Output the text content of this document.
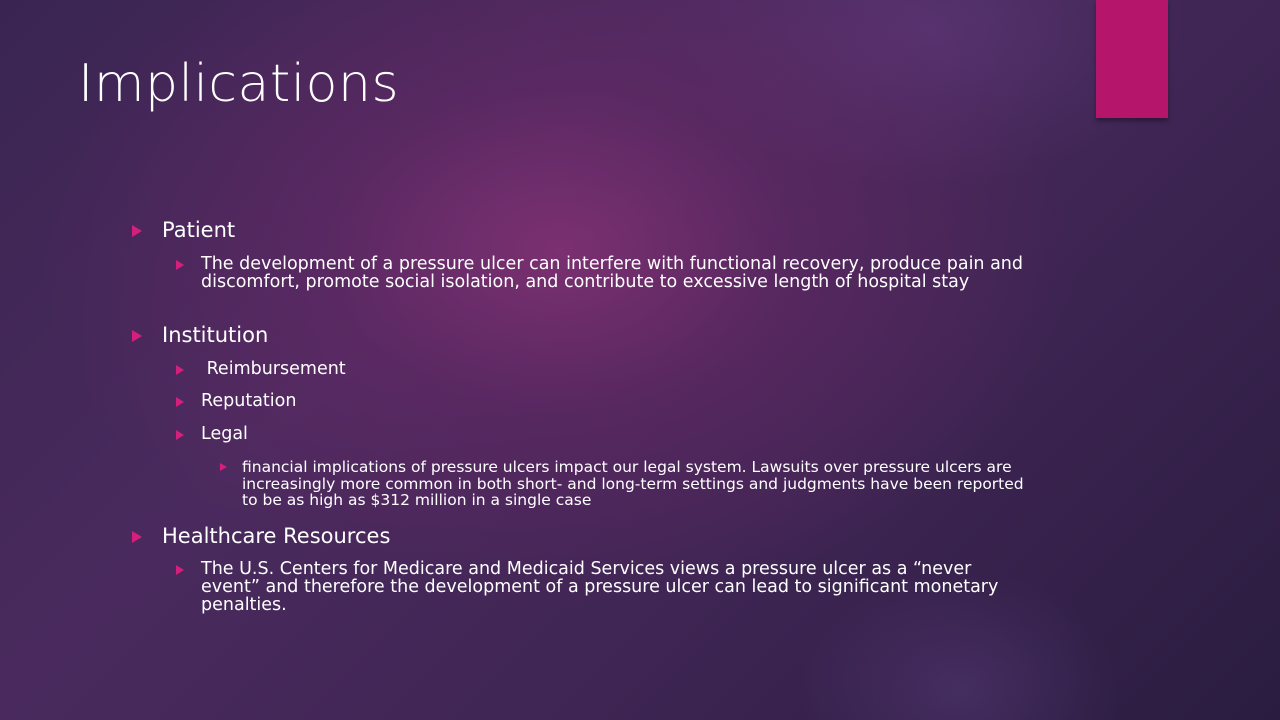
Implications
Patient
The development of a pressure ulcer can interfere with functional recovery, produce pain and discomfort, promote social isolation, and contribute to excessive length of hospital stay
Institution
Reimbursement
Reputation
Legal
financial implications of pressure ulcers impact our legal system. Lawsuits over pressure ulcers are increasingly more common in both short- and long-term settings and judgments have been reported to be as high as $312 million in a single case
Healthcare Resources
The U.S. Centers for Medicare and Medicaid Services views a pressure ulcer as a “never event” and therefore the development of a pressure ulcer can lead to significant monetary penalties.
